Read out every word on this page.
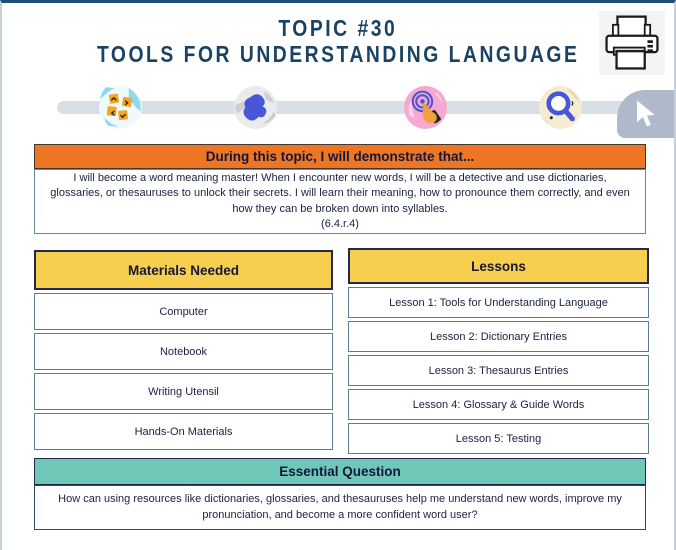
TOPIC #30
TOOLS FOR UNDERSTANDING LANGUAGE
During this topic, I will demonstrate that...
I will become a word meaning master! When I encounter new words, I will be a detective and use dictionaries, glossaries, or thesauruses to unlock their secrets. I will learn their meaning, how to pronounce them correctly, and even how they can be broken down into syllables.
(6.4.r.4)
Materials Needed
Computer
Notebook
Writing Utensil
Hands-On Materials
Lessons
Lesson 1: Tools for Understanding Language
Lesson 2: Dictionary Entries
Lesson 3: Thesaurus Entries
Lesson 4: Glossary & Guide Words
Lesson 5: Testing
Essential Question
How can using resources like dictionaries, glossaries, and thesauruses help me understand new words, improve my pronunciation, and become a more confident word user?
